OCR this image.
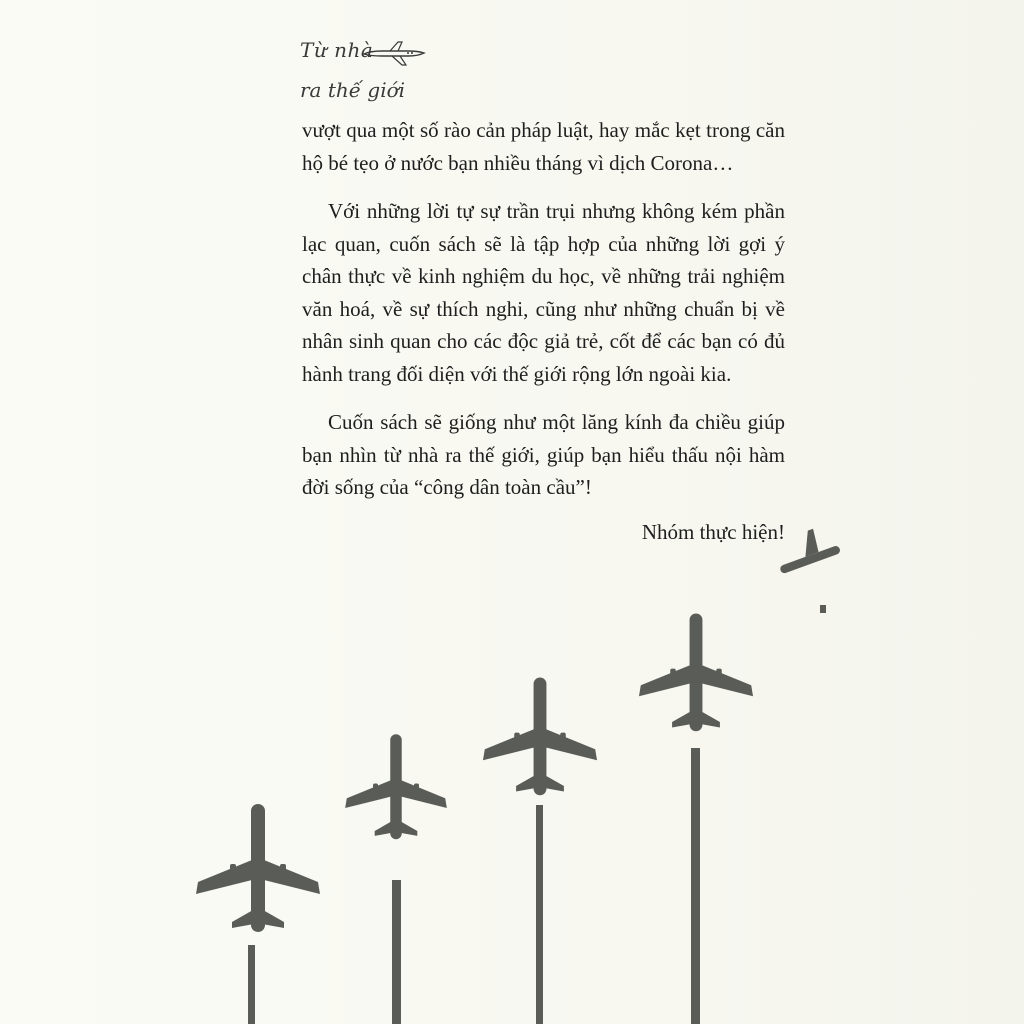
Từ nhà
ra thế giới

vượt qua một số rào cản pháp luật, hay mắc kẹt trong căn hộ bé tẹo ở nước bạn nhiều tháng vì dịch Corona…

Với những lời tự sự trần trụi nhưng không kém phần lạc quan, cuốn sách sẽ là tập hợp của những lời gợi ý chân thực về kinh nghiệm du học, về những trải nghiệm văn hoá, về sự thích nghi, cũng như những chuẩn bị về nhân sinh quan cho các độc giả trẻ, cốt để các bạn có đủ hành trang đối diện với thế giới rộng lớn ngoài kia.

Cuốn sách sẽ giống như một lăng kính đa chiều giúp bạn nhìn từ nhà ra thế giới, giúp bạn hiểu thấu nội hàm đời sống của “công dân toàn cầu”!

Nhóm thực hiện!
